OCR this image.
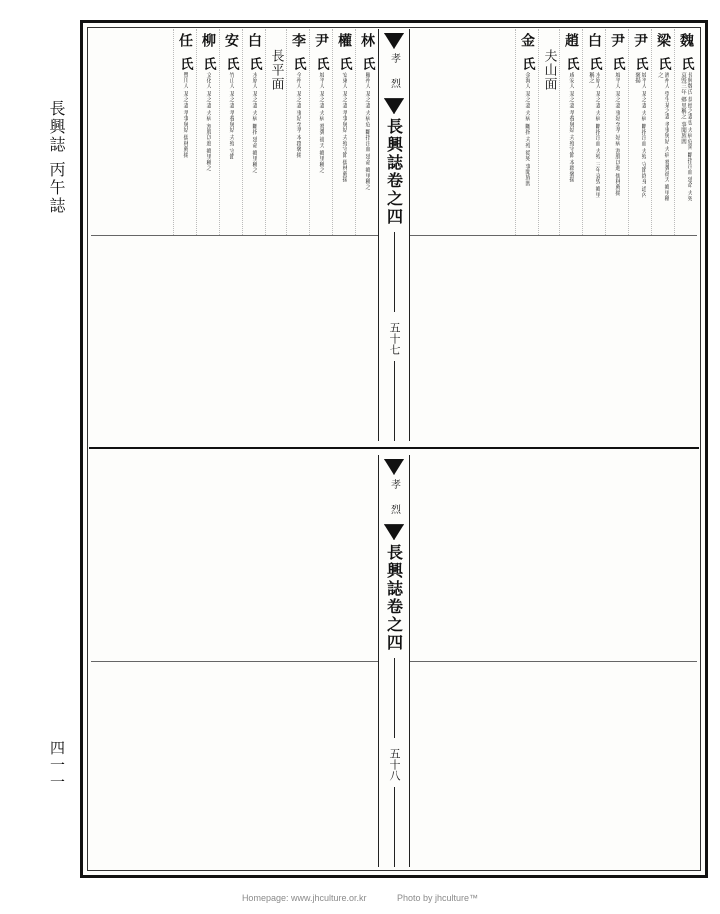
魏
氏
長興魏氏 恭德之妻也 夫病危篤 斷指注血 延命 夫死 哀毁三年 鄕里稱之 事聞旌閭
梁
氏
濟州人 學生某之妻 孝事舅姑 夫病 嘗糞禱天 鄕里稱之
尹
氏
坡平人 某之妻 夫病 斷指注血 夫歿 守節終身 道內褒揚
尹
氏
坡平人 某之妻 事姑至孝 姑病 割股以進 儒林薦揚
白
氏
水原人 某之妻 夫病 斷指注血 夫殁 三年哀毁 鄕里稱之
趙
氏
咸安人 某之妻 孝養舅姑 夫歿守節 本郡褒揚
夫山面
金
氏
金海人 某之妻 夫病 斷指 夫殁 從死 事聞旌閭
孝 烈
長興誌卷之四
五十七
林
氏
羅州人 某之妻 夫病危 斷指注血 延命 鄕里稱之
權
氏
安東人 某之妻 孝事舅姑 夫歿守節 儒林薦揚
尹
氏
坡平人 某之妻 夫病 嘗糞 禱天 鄕里稱之
李
氏
全州人 某之妻 事姑至孝 本郡褒揚
長平面
白
氏
水原人 某之妻 夫病 斷指 延命 鄕里稱之
安
氏
竹山人 某之妻 孝養舅姑 夫歿 守節
柳
氏
文化人 某之妻 夫病 割股以進 鄕里稱之
任
氏
豐川人 某之妻 孝事舅姑 儒林薦揚
孝 烈
長興誌卷之四
五十八
長興誌 丙午誌
四一一
Homepage: www.jhculture.or.kr	Photo by jhculture™
